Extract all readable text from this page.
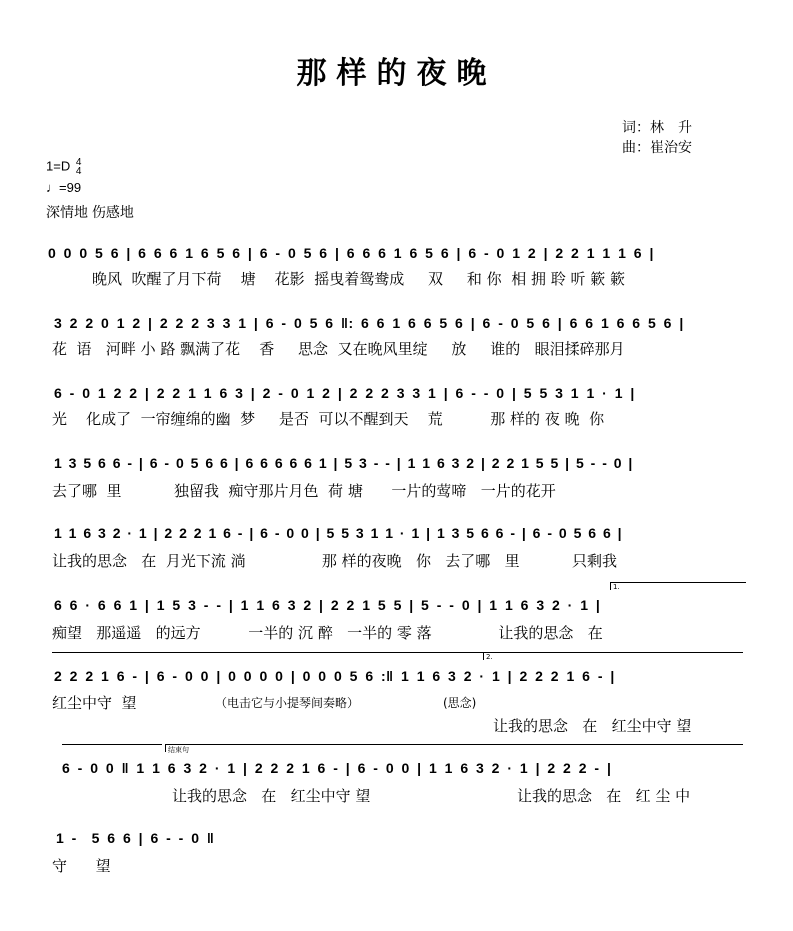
那样的夜晚
词：林　升
曲：崔治安
1=D 4
4
♩=99
深情地 伤感地
0 0 0 5 6 | 6 6 6 1 6 5 6 | 6 - 0 5 6 | 6 6 6 1 6 5 6 | 6 - 0 1 2 | 2 2 1 1 1 6 |
晚风  吹醒了月下荷    塘    花影  摇曳着鸳鸯成     双     和 你  相 拥 聆 听 簌 簌
3 2 2 0 1 2 | 2 2 2 3 3 1 | 6 - 0 5 6 ‖: 6 6 1 6 6 5 6 | 6 - 0 5 6 | 6 6 1 6 6 5 6 |
花  语   河畔 小 路 飘满了花    香     思念  又在晚风里绽     放     谁的   眼泪揉碎那月
6 - 0 1 2 2 | 2 2 1 1 6 3 | 2 - 0 1 2 | 2 2 2 3 3 1 | 6 - - 0 | 5 5 3 1 1 · 1 |
光    化成了  一帘缠绵的幽  梦     是否  可以不醒到天    荒          那 样的 夜 晚  你
1 3 5 6 6 - | 6 - 0 5 6 6 | 6 6 6 6 6 1 | 5 3 - - | 1 1 6 3 2 | 2 2 1 5 5 | 5 - - 0 |
去了哪  里           独留我  痴守那片月色  荷 塘      一片的莺啼   一片的花开
1 1 6 3 2 · 1 | 2 2 2 1 6 - | 6 - 0 0 | 5 5 3 1 1 · 1 | 1 3 5 6 6 - | 6 - 0 5 6 6 |
让我的思念   在  月光下流 淌                那 样的夜晚   你   去了哪   里           只剩我
1.
6 6 · 6 6 1 | 1 5 3 - - | 1 1 6 3 2 | 2 2 1 5 5 | 5 - - 0 | 1 1 6 3 2 · 1 |
痴望   那遥遥   的远方          一半的 沉 醉   一半的 零 落              让我的思念   在
2.
2 2 2 1 6 - | 6 - 0 0 | 0 0 0 0 | 0 0 0 5 6 :‖ 1 1 6 3 2 · 1 | 2 2 2 1 6 - |
红尘中守  望	（电击它与小提琴间奏略）	(思念)
让我的思念   在   红尘中守 望
结束句
6 - 0 0 ‖ 1 1 6 3 2 · 1 | 2 2 2 1 6 - | 6 - 0 0 | 1 1 6 3 2 · 1 | 2 2 2 - |
让我的思念   在   红尘中守 望	让我的思念   在   红 尘 中
1 -  5 6 6 | 6 - - 0 ‖
守      望
